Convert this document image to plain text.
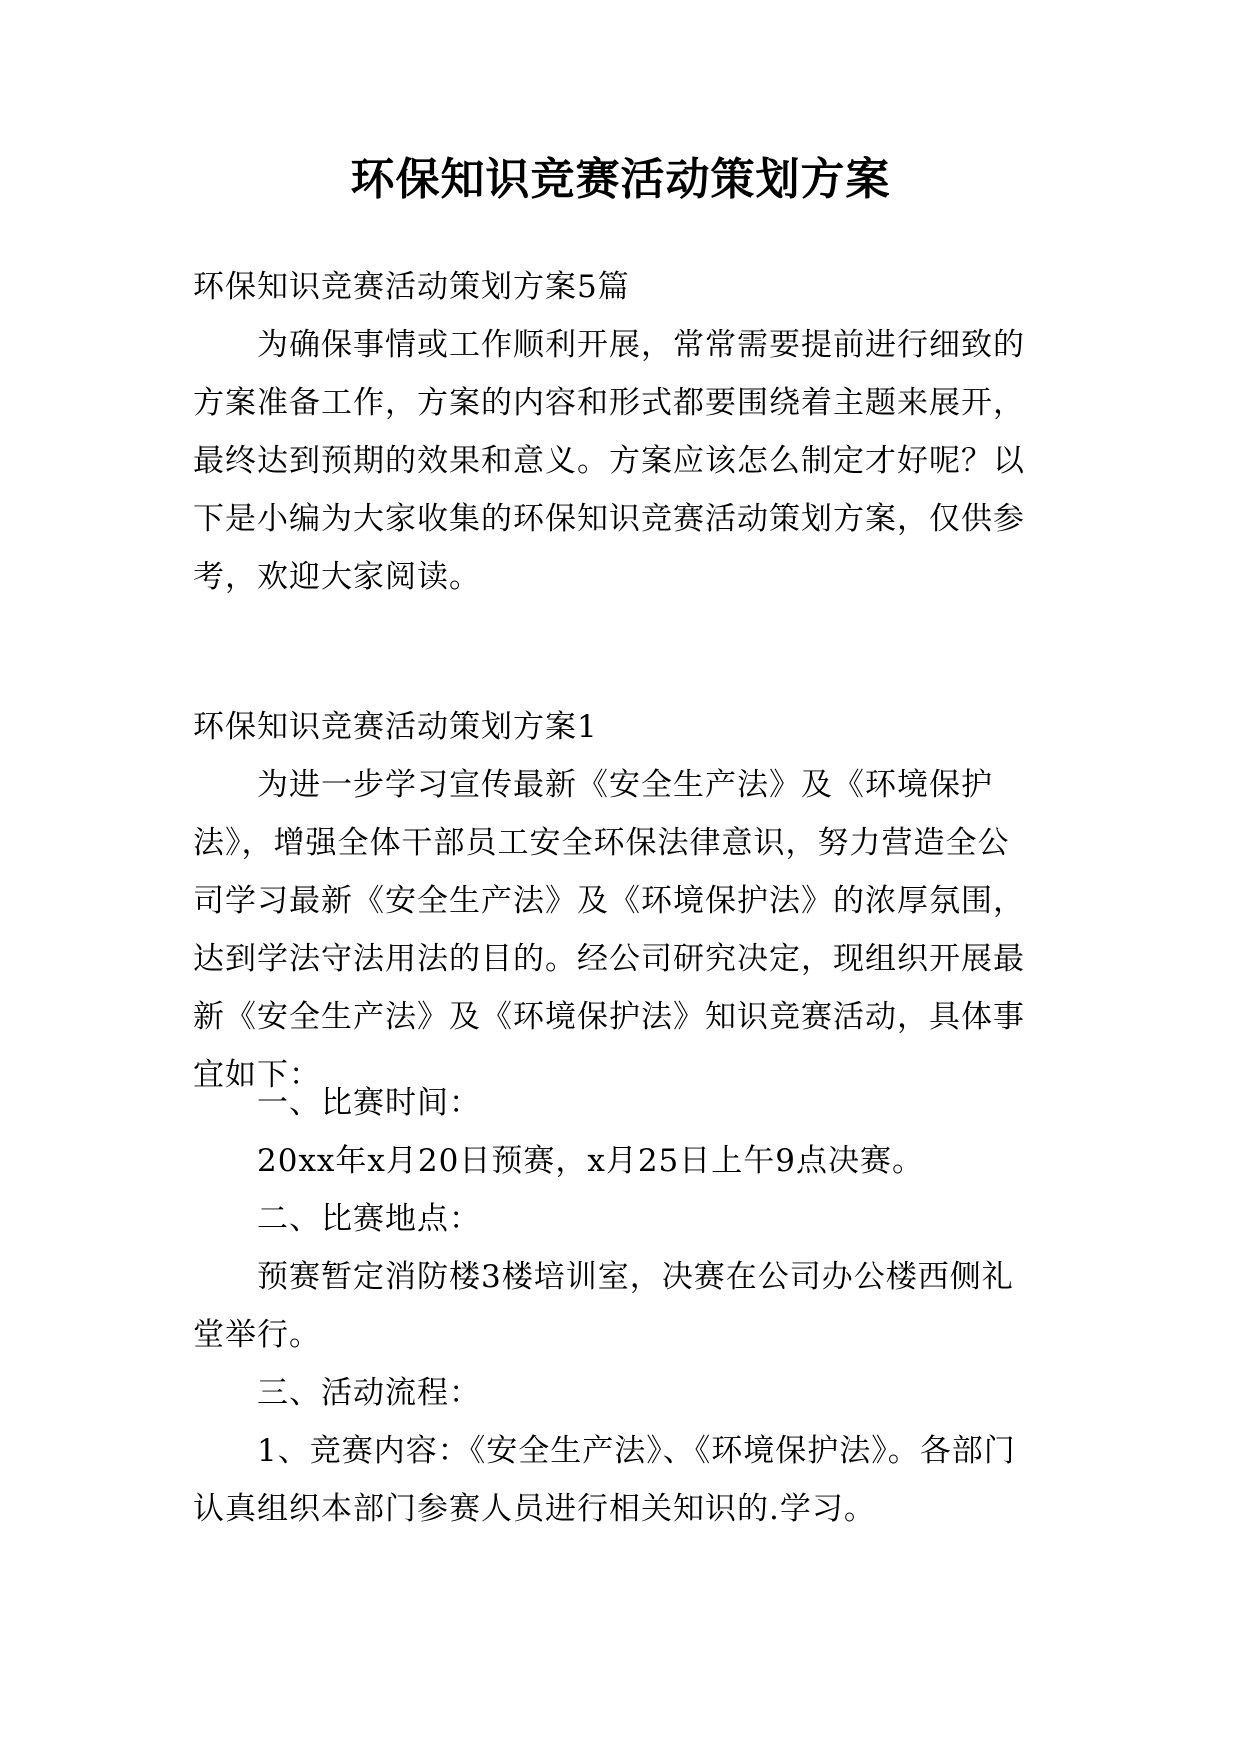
环保知识竞赛活动策划方案

环保知识竞赛活动策划方案5篇

为确保事情或工作顺利开展，常常需要提前进行细致的

方案准备工作，方案的内容和形式都要围绕着主题来展开，

最终达到预期的效果和意义。方案应该怎么制定才好呢？以

下是小编为大家收集的环保知识竞赛活动策划方案，仅供参

考，欢迎大家阅读。

环保知识竞赛活动策划方案1

为进一步学习宣传最新《安全生产法》及《环境保护

法》，增强全体干部员工安全环保法律意识，努力营造全公

司学习最新《安全生产法》及《环境保护法》的浓厚氛围，

达到学法守法用法的目的。经公司研究决定，现组织开展最

新《安全生产法》及《环境保护法》知识竞赛活动，具体事

宜如下：

一、比赛时间：

20xx年x月20日预赛，x月25日上午9点决赛。

二、比赛地点：

预赛暂定消防楼3楼培训室，决赛在公司办公楼西侧礼

堂举行。

三、活动流程：

1、竞赛内容：《安全生产法》、《环境保护法》。各部门

认真组织本部门参赛人员进行相关知识的.学习。
